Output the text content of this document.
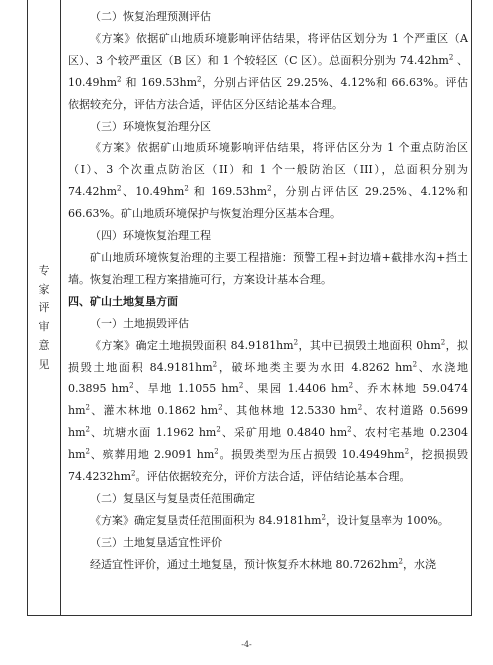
专
家
评
审
意
见

（二）恢复治理预测评估

《方案》依据矿山地质环境影响评估结果，将评估区划分为 1 个严重区（A 区）、3 个较严重区（B 区）和 1 个较轻区（C 区）。总面积分别为 $74.42hm^2$ 、$10.49hm^2$ 和 $169.53hm^2$，分别占评估区 29.25%、4.12%和 66.63%。评估依据较充分，评估方法合适，评估区分区结论基本合理。

（三）环境恢复治理分区

《方案》依据矿山地质环境影响评估结果，将评估区分为 1 个重点防治区（I）、3 个次重点防治区（II）和 1 个一般防治区（III），总面积分别为 $74.42hm^2$、$10.49hm^2$ 和 $169.53hm^2$，分别占评估区 29.25%、4.12%和 66.63%。矿山地质环境保护与恢复治理分区基本合理。

（四）环境恢复治理工程

矿山地质环境恢复治理的主要工程措施：预警工程+封边墙+截排水沟+挡土墙。恢复治理工程方案措施可行，方案设计基本合理。

四、矿山土地复垦方面

（一）土地损毁评估

《方案》确定土地损毁面积 $84.9181hm^2$，其中已损毁土地面积 $0hm^2$，拟损毁土地面积 $84.9181hm^2$，破坏地类主要为水田 4.8262 $hm^2$、水浇地 0.3895 $hm^2$、旱地 1.1055 $hm^2$、果园 1.4406 $hm^2$、乔木林地 59.0474 $hm^2$、灌木林地 0.1862 $hm^2$、其他林地 12.5330 $hm^2$、农村道路 0.5699 $hm^2$、坑塘水面 1.1962 $hm^2$、采矿用地 0.4840 $hm^2$、农村宅基地 0.2304 $hm^2$、殡葬用地 2.9091 $hm^2$。损毁类型为压占损毁 $10.4949hm^2$，挖损损毁 $74.4232hm^2$。评估依据较充分，评价方法合适，评估结论基本合理。

（二）复垦区与复垦责任范围确定

《方案》确定复垦责任范围面积为 $84.9181hm^2$，设计复垦率为 100%。

（三）土地复垦适宜性评价

经适宜性评价，通过土地复垦，预计恢复乔木林地 $80.7262hm^2$，水浇

-4-
